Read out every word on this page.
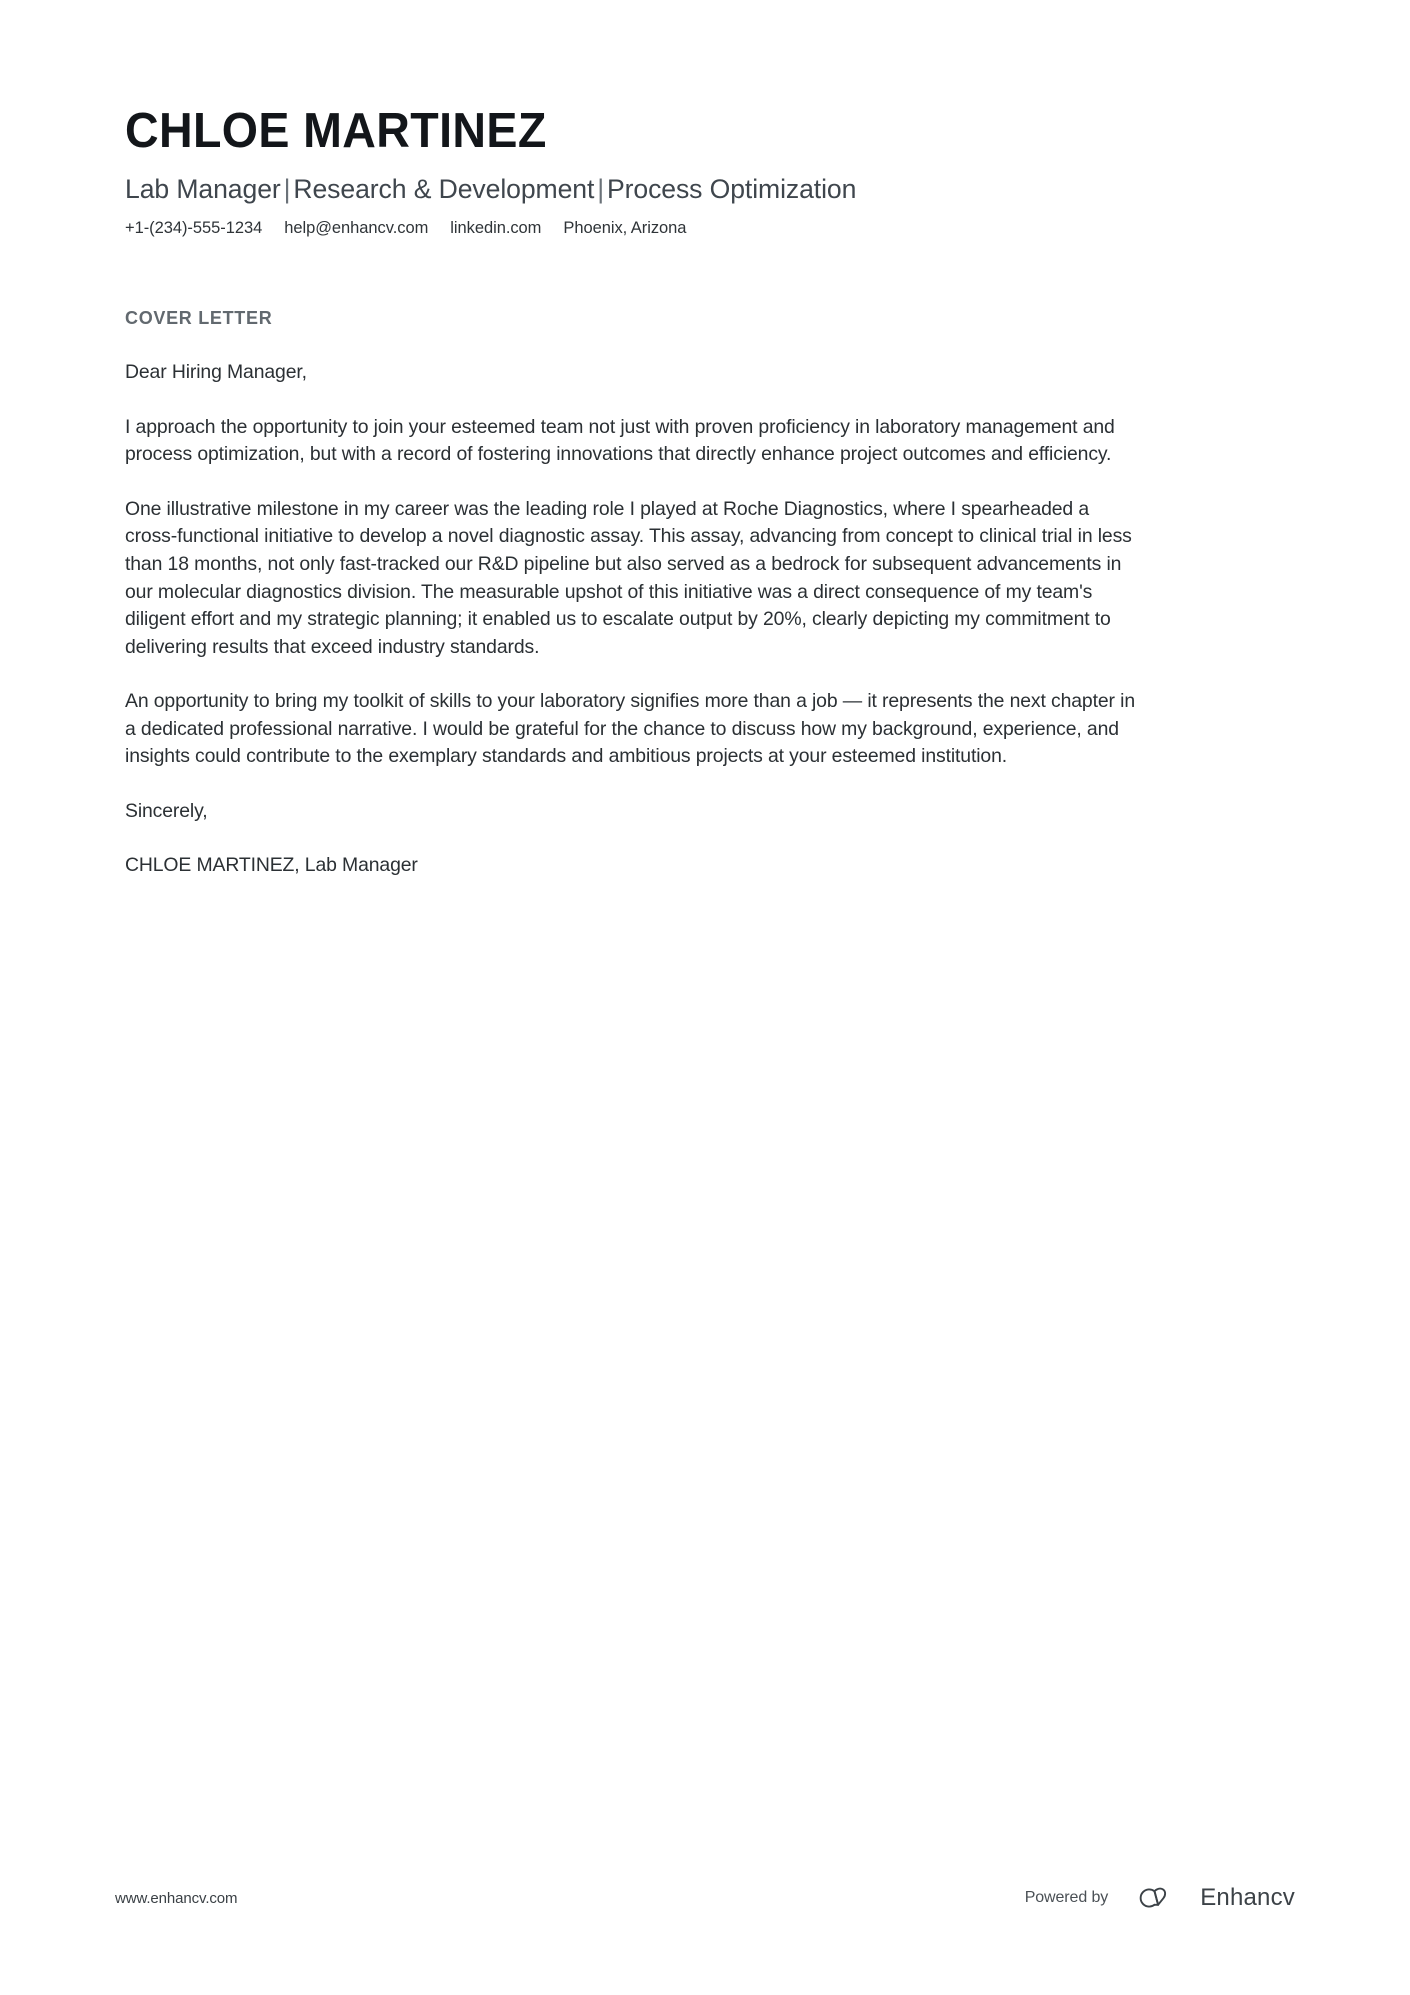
CHLOE MARTINEZ
Lab Manager | Research & Development | Process Optimization
+1-(234)-555-1234 help@enhancv.com linkedin.com Phoenix, Arizona
COVER LETTER

Dear Hiring Manager,

I approach the opportunity to join your esteemed team not just with proven proficiency in laboratory management and process optimization, but with a record of fostering innovations that directly enhance project outcomes and efficiency.

One illustrative milestone in my career was the leading role I played at Roche Diagnostics, where I spearheaded a cross-functional initiative to develop a novel diagnostic assay. This assay, advancing from concept to clinical trial in less than 18 months, not only fast-tracked our R&D pipeline but also served as a bedrock for subsequent advancements in our molecular diagnostics division. The measurable upshot of this initiative was a direct consequence of my team's diligent effort and my strategic planning; it enabled us to escalate output by 20%, clearly depicting my commitment to delivering results that exceed industry standards.

An opportunity to bring my toolkit of skills to your laboratory signifies more than a job — it represents the next chapter in a dedicated professional narrative. I would be grateful for the chance to discuss how my background, experience, and insights could contribute to the exemplary standards and ambitious projects at your esteemed institution.

Sincerely,

CHLOE MARTINEZ, Lab Manager

www.enhancv.com	Powered by	Enhancv
